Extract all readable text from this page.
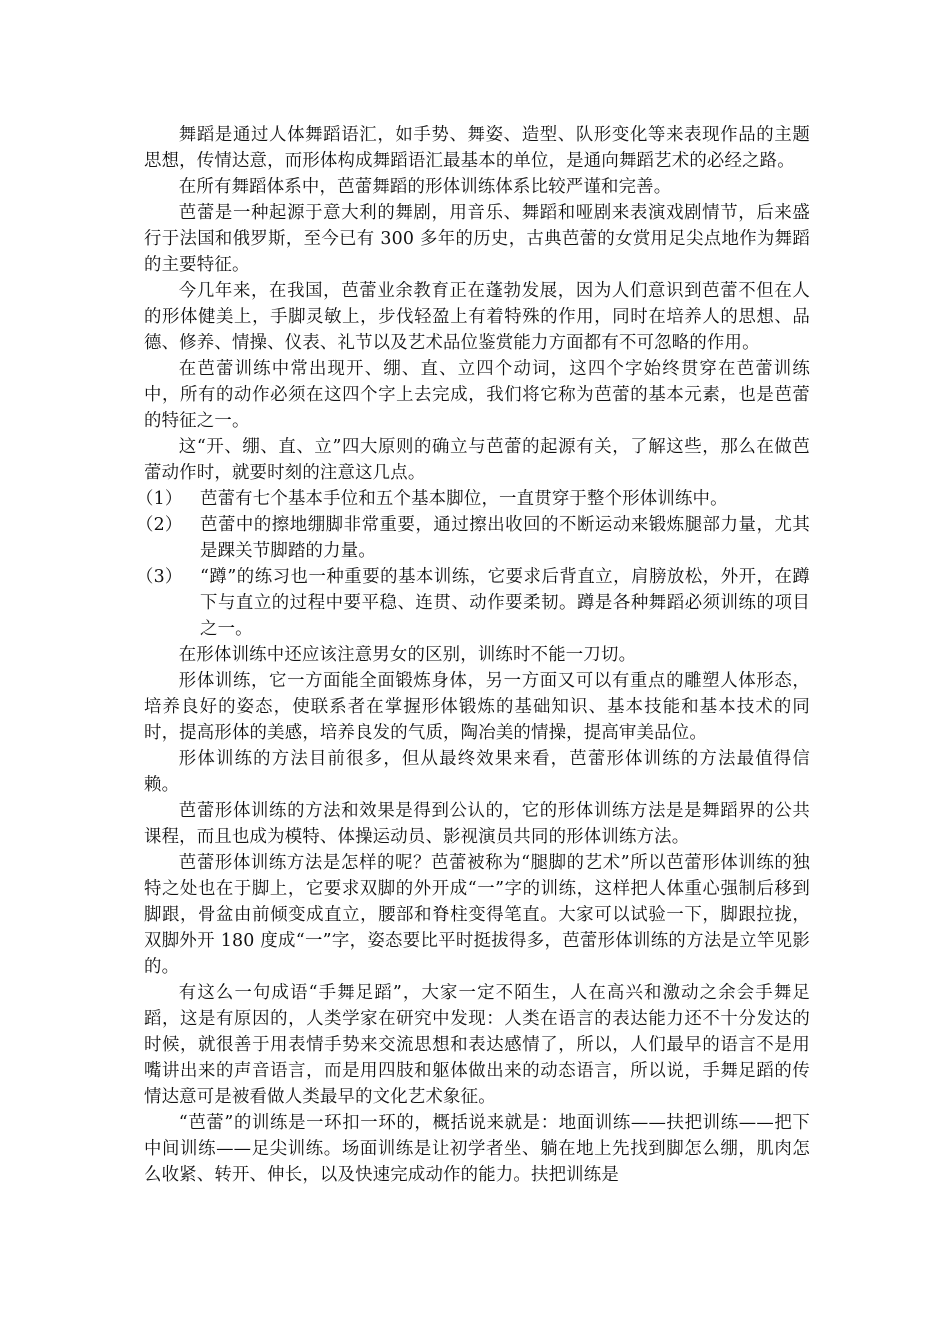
舞蹈是通过人体舞蹈语汇，如手势、舞姿、造型、队形变化等来表现作品的主题思想，传情达意，而形体构成舞蹈语汇最基本的单位，是通向舞蹈艺术的必经之路。

在所有舞蹈体系中，芭蕾舞蹈的形体训练体系比较严谨和完善。

芭蕾是一种起源于意大利的舞剧，用音乐、舞蹈和哑剧来表演戏剧情节，后来盛行于法国和俄罗斯，至今已有 300 多年的历史，古典芭蕾的女赏用足尖点地作为舞蹈的主要特征。

今几年来，在我国，芭蕾业余教育正在蓬勃发展，因为人们意识到芭蕾不但在人的形体健美上，手脚灵敏上，步伐轻盈上有着特殊的作用，同时在培养人的思想、品德、修养、情操、仪表、礼节以及艺术品位鉴赏能力方面都有不可忽略的作用。

在芭蕾训练中常出现开、绷、直、立四个动词，这四个字始终贯穿在芭蕾训练中，所有的动作必须在这四个字上去完成，我们将它称为芭蕾的基本元素，也是芭蕾的特征之一。

这“开、绷、直、立”四大原则的确立与芭蕾的起源有关，了解这些，那么在做芭蕾动作时，就要时刻的注意这几点。

（1）	芭蕾有七个基本手位和五个基本脚位，一直贯穿于整个形体训练中。
（2）	芭蕾中的擦地绷脚非常重要，通过擦出收回的不断运动来锻炼腿部力量，尤其是踝关节脚踏的力量。
（3）	“蹲”的练习也一种重要的基本训练，它要求后背直立，肩膀放松，外开，在蹲下与直立的过程中要平稳、连贯、动作要柔韧。蹲是各种舞蹈必须训练的项目之一。

在形体训练中还应该注意男女的区别，训练时不能一刀切。

形体训练，它一方面能全面锻炼身体，另一方面又可以有重点的雕塑人体形态，培养良好的姿态，使联系者在掌握形体锻炼的基础知识、基本技能和基本技术的同时，提高形体的美感，培养良发的气质，陶冶美的情操，提高审美品位。

形体训练的方法目前很多，但从最终效果来看，芭蕾形体训练的方法最值得信赖。

芭蕾形体训练的方法和效果是得到公认的，它的形体训练方法是是舞蹈界的公共课程，而且也成为模特、体操运动员、影视演员共同的形体训练方法。

芭蕾形体训练方法是怎样的呢？芭蕾被称为“腿脚的艺术”所以芭蕾形体训练的独特之处也在于脚上，它要求双脚的外开成“一”字的训练，这样把人体重心强制后移到脚跟，骨盆由前倾变成直立，腰部和脊柱变得笔直。大家可以试验一下，脚跟拉拢，双脚外开 180 度成“一”字，姿态要比平时挺拔得多，芭蕾形体训练的方法是立竿见影的。

有这么一句成语“手舞足蹈”，大家一定不陌生，人在高兴和激动之余会手舞足蹈，这是有原因的，人类学家在研究中发现：人类在语言的表达能力还不十分发达的时候，就很善于用表情手势来交流思想和表达感情了，所以，人们最早的语言不是用嘴讲出来的声音语言，而是用四肢和躯体做出来的动态语言，所以说，手舞足蹈的传情达意可是被看做人类最早的文化艺术象征。

“芭蕾”的训练是一环扣一环的，概括说来就是：地面训练——扶把训练——把下中间训练——足尖训练。场面训练是让初学者坐、躺在地上先找到脚怎么绷，肌肉怎么收紧、转开、伸长，以及快速完成动作的能力。扶把训练是
